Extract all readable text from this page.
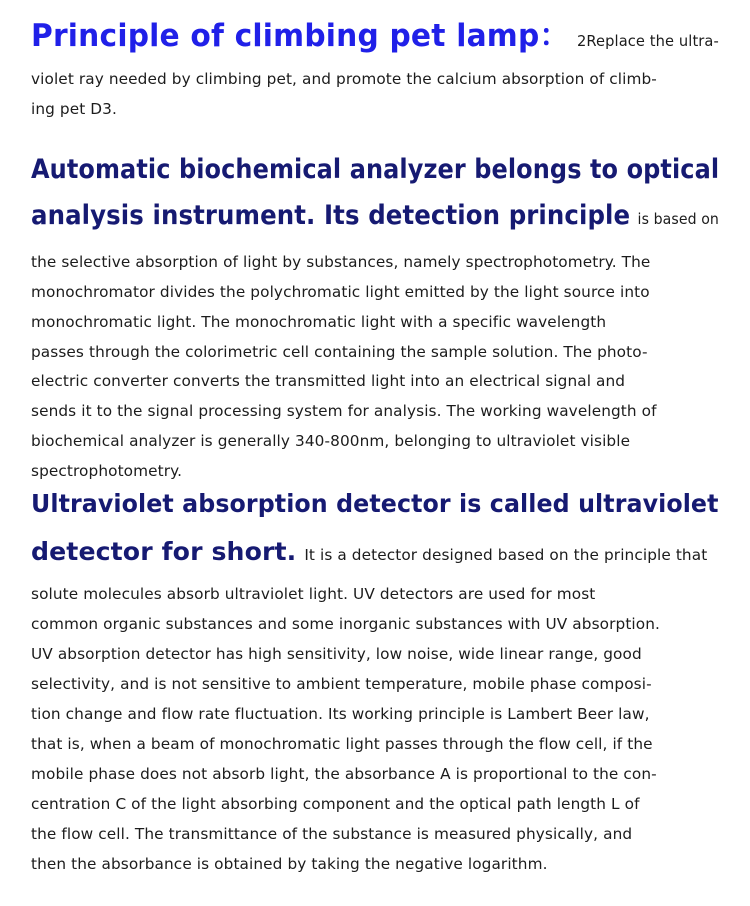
Principle of climbing pet lamp： 2Replace the ultra-
violet ray needed by climbing pet, and promote the calcium absorption of climb-
ing pet D3.
Automatic biochemical analyzer belongs to optical
analysis instrument. Its detection principle is based on
the selective absorption of light by substances, namely spectrophotometry. The
monochromator divides the polychromatic light emitted by the light source into
monochromatic light. The monochromatic light with a specific wavelength
passes through the colorimetric cell containing the sample solution. The photo-
electric converter converts the transmitted light into an electrical signal and
sends it to the signal processing system for analysis. The working wavelength of
biochemical analyzer is generally 340-800nm, belonging to ultraviolet visible
spectrophotometry.
Ultraviolet absorption detector is called ultraviolet
detector for short. It is a detector designed based on the principle that
solute molecules absorb ultraviolet light. UV detectors are used for most
common organic substances and some inorganic substances with UV absorption.
UV absorption detector has high sensitivity, low noise, wide linear range, good
selectivity, and is not sensitive to ambient temperature, mobile phase composi-
tion change and flow rate fluctuation. Its working principle is Lambert Beer law,
that is, when a beam of monochromatic light passes through the flow cell, if the
mobile phase does not absorb light, the absorbance A is proportional to the con-
centration C of the light absorbing component and the optical path length L of
the flow cell. The transmittance of the substance is measured physically, and
then the absorbance is obtained by taking the negative logarithm.
